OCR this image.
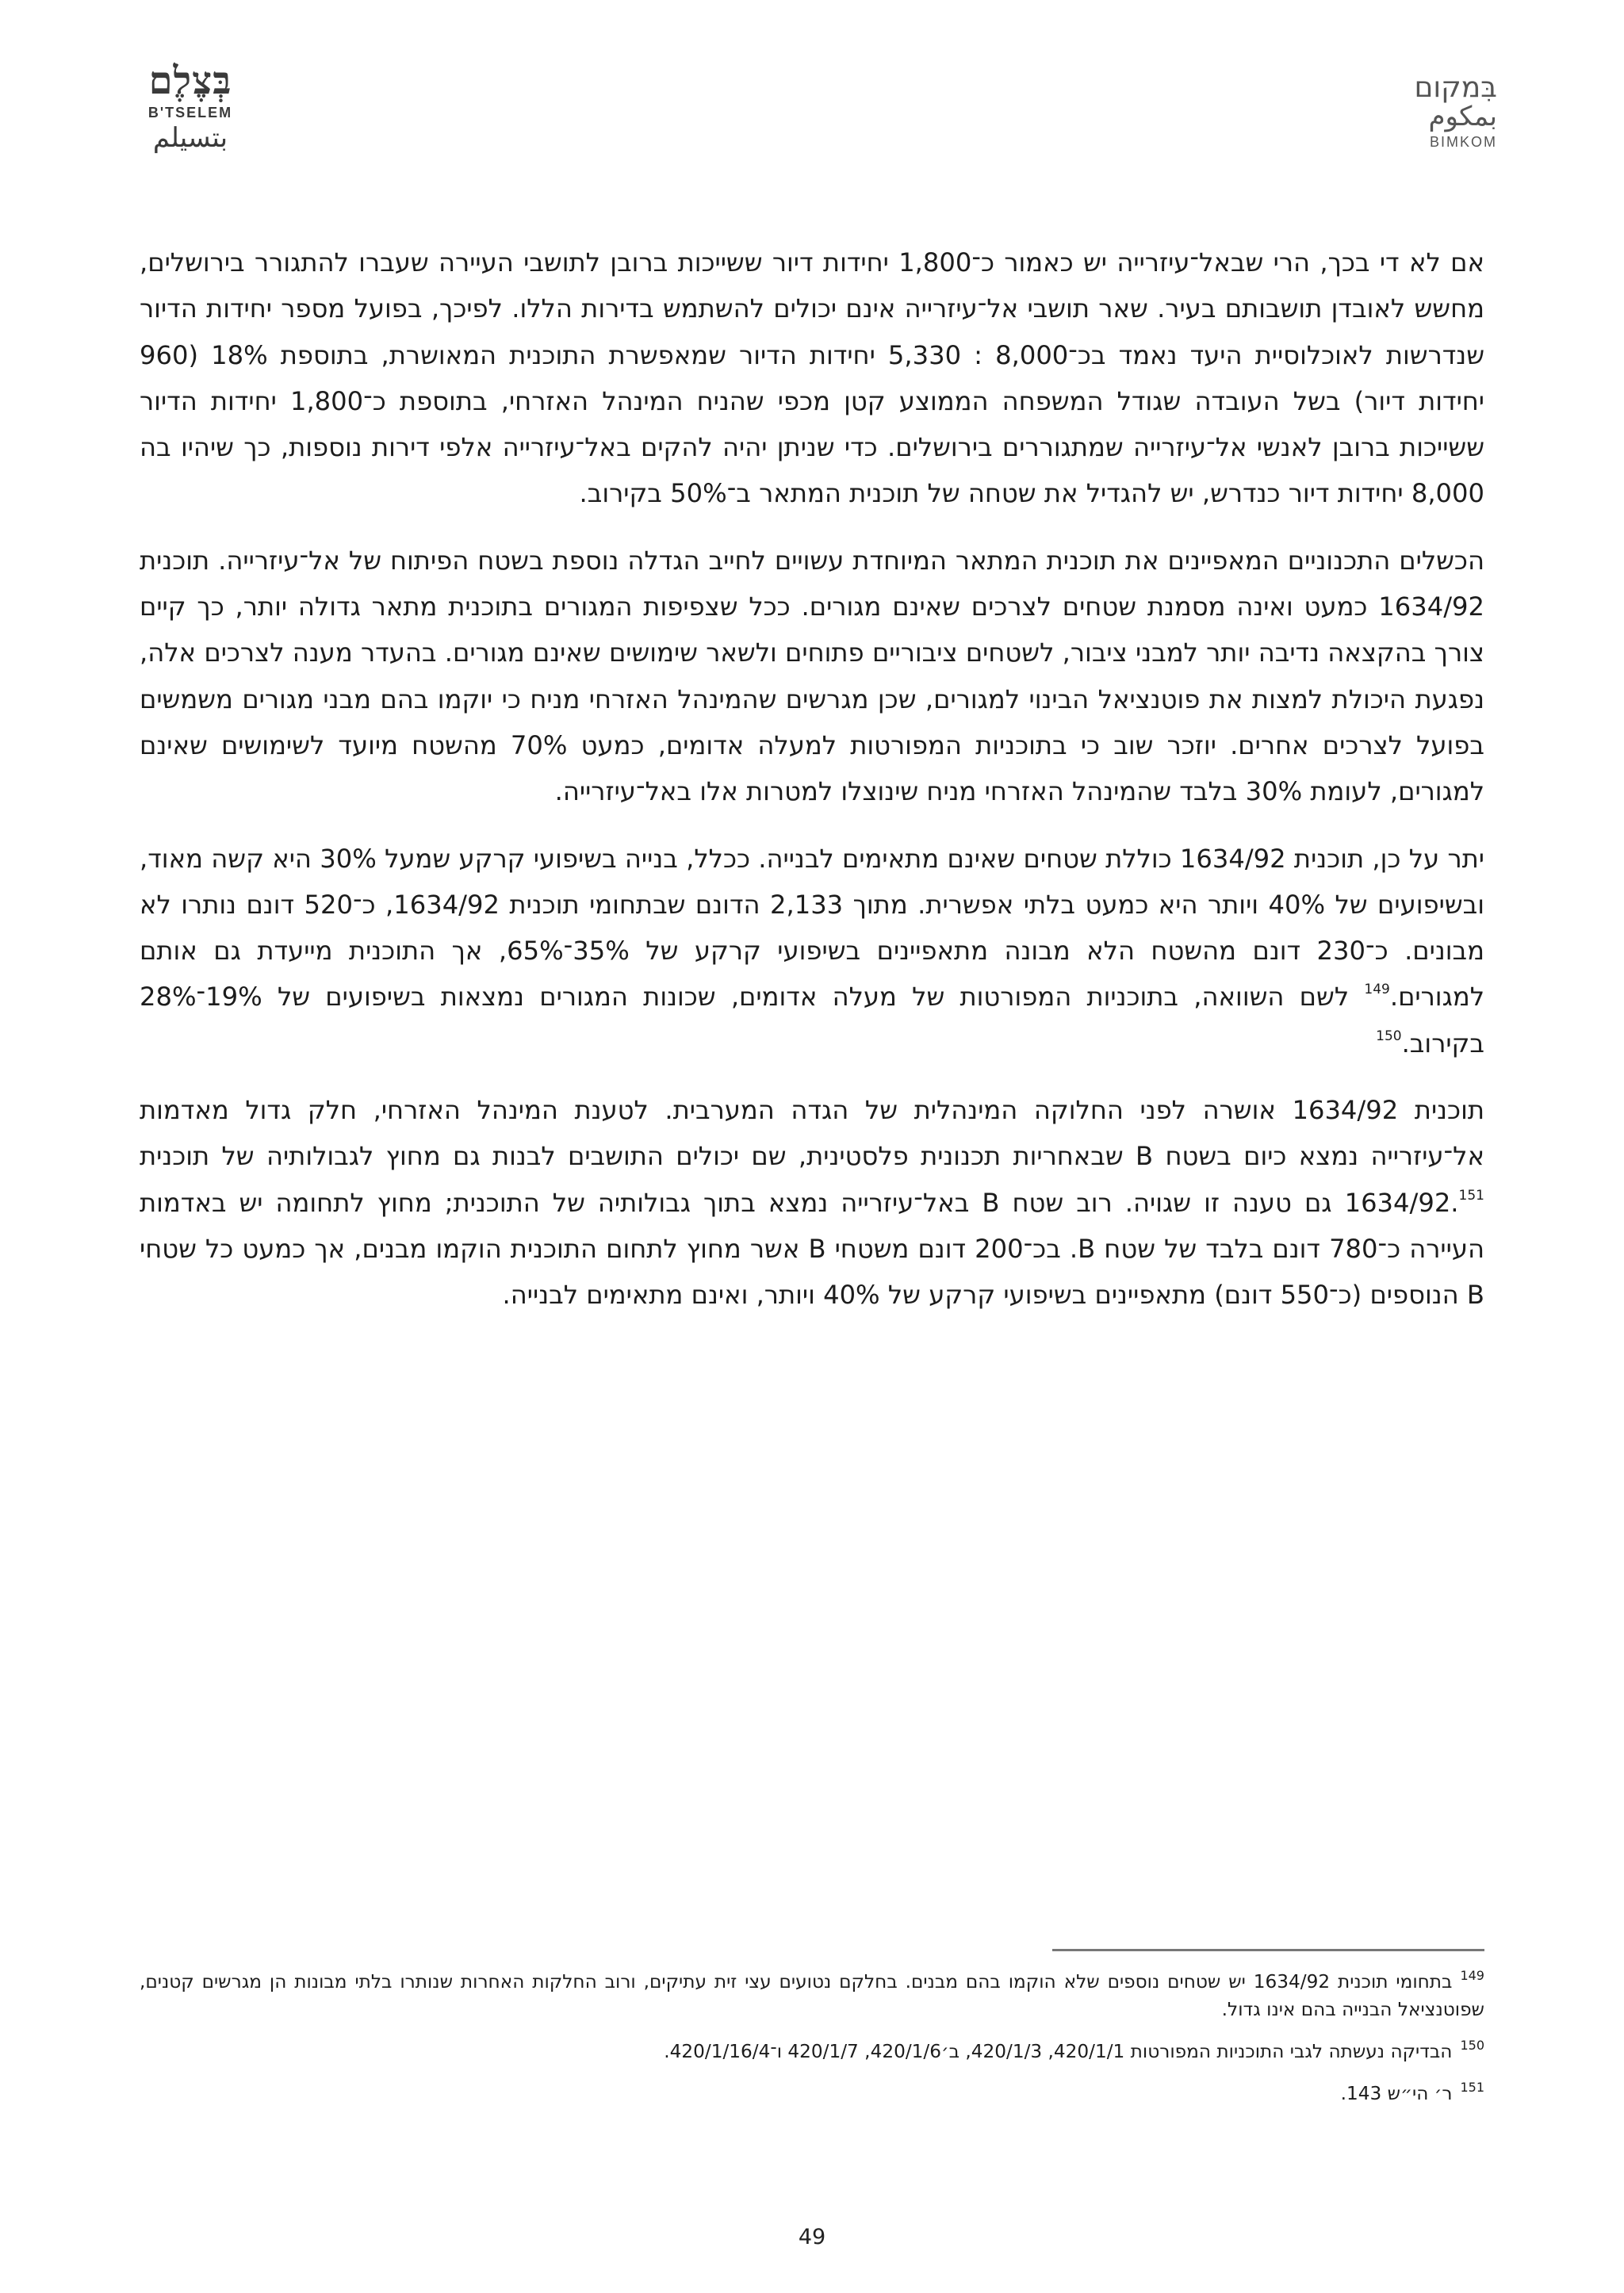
בְּצֶלֶם
B'TSELEM
بتسيلم
בִּמקום
بمكوم
BIMKOM

אם לא די בכך, הרי שבאל־עיזרייה יש כאמור כ־1,800 יחידות דיור ששייכות ברובן לתושבי העיירה שעברו להתגורר בירושלים, מחשש לאובדן תושבותם בעיר. שאר תושבי אל־עיזרייה אינם יכולים להשתמש בדירות הללו. לפיכך, בפועל מספר יחידות הדיור שנדרשות לאוכלוסיית היעד נאמד בכ־8,000 : 5,330 יחידות הדיור שמאפשרת התוכנית המאושרת, בתוספת 18% (960 יחידות דיור) בשל העובדה שגודל המשפחה הממוצע קטן מכפי שהניח המינהל האזרחי, בתוספת כ־1,800 יחידות הדיור ששייכות ברובן לאנשי אל־עיזרייה שמתגוררים בירושלים. כדי שניתן יהיה להקים באל־עיזרייה אלפי דירות נוספות, כך שיהיו בה 8,000 יחידות דיור כנדרש, יש להגדיל את שטחה של תוכנית המתאר ב־50% בקירוב.

הכשלים התכנוניים המאפיינים את תוכנית המתאר המיוחדת עשויים לחייב הגדלה נוספת בשטח הפיתוח של אל־עיזרייה. תוכנית 1634/92 כמעט ואינה מסמנת שטחים לצרכים שאינם מגורים. ככל שצפיפות המגורים בתוכנית מתאר גדולה יותר, כך קיים צורך בהקצאה נדיבה יותר למבני ציבור, לשטחים ציבוריים פתוחים ולשאר שימושים שאינם מגורים. בהעדר מענה לצרכים אלה, נפגעת היכולת למצות את פוטנציאל הבינוי למגורים, שכן מגרשים שהמינהל האזרחי מניח כי יוקמו בהם מבני מגורים משמשים בפועל לצרכים אחרים. יוזכר שוב כי בתוכניות המפורטות למעלה אדומים, כמעט 70% מהשטח מיועד לשימושים שאינם למגורים, לעומת 30% בלבד שהמינהל האזרחי מניח שינוצלו למטרות אלו באל־עיזרייה.

יתר על כן, תוכנית 1634/92 כוללת שטחים שאינם מתאימים לבנייה. ככלל, בנייה בשיפועי קרקע שמעל 30% היא קשה מאוד, ובשיפועים של 40% ויותר היא כמעט בלתי אפשרית. מתוך 2,133 הדונם שבתחומי תוכנית 1634/92, כ־520 דונם נותרו לא מבונים. כ־230 דונם מהשטח הלא מבונה מתאפיינים בשיפועי קרקע של 35%־65%, אך התוכנית מייעדת גם אותם למגורים.$^{149}$ לשם השוואה, בתוכניות המפורטות של מעלה אדומים, שכונות המגורים נמצאות בשיפועים של 19%־28% בקירוב.$^{150}$

תוכנית 1634/92 אושרה לפני החלוקה המינהלית של הגדה המערבית. לטענת המינהל האזרחי, חלק גדול מאדמות אל־עיזרייה נמצא כיום בשטח B שבאחריות תכנונית פלסטינית, שם יכולים התושבים לבנות גם מחוץ לגבולותיה של תוכנית 1634/92.$^{151}$ גם טענה זו שגויה. רוב שטח B באל־עיזרייה נמצא בתוך גבולותיה של התוכנית; מחוץ לתחומה יש באדמות העיירה כ־780 דונם בלבד של שטח B. בכ־200 דונם משטחי B אשר מחוץ לתחום התוכנית הוקמו מבנים, אך כמעט כל שטחי B הנוספים (כ־550 דונם) מתאפיינים בשיפועי קרקע של 40% ויותר, ואינם מתאימים לבנייה.

$^{149}$בתחומי תוכנית 1634/92 יש שטחים נוספים שלא הוקמו בהם מבנים. בחלקם נטועים עצי זית עתיקים, ורוב החלקות האחרות שנותרו בלתי מבונות הן מגרשים קטנים, שפוטנציאל הבנייה בהם אינו גדול.

$^{150}$הבדיקה נעשתה לגבי התוכניות המפורטות 420/1/1, 420/1/3, ב׳420/1/6, 420/1/7 ו־420/1/16/4.

$^{151}$ר׳ הי״ש 143.

49
